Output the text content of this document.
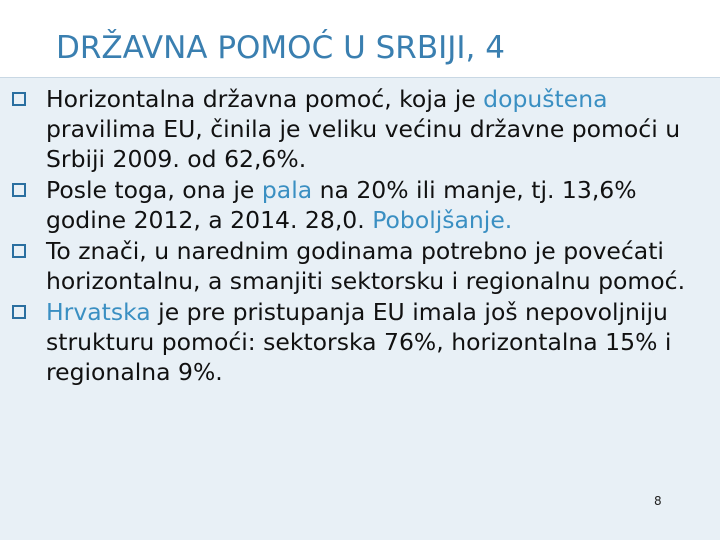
DRŽAVNA POMOĆ U SRBIJI, 4
Horizontalna državna pomoć, koja je dopuštena pravilima EU, činila je veliku većinu državne pomoći u Srbiji 2009. od 62,6%.
Posle toga, ona je pala na 20% ili manje, tj. 13,6% godine 2012, a 2014. 28,0. Poboljšanje.
To znači, u narednim godinama potrebno je povećati horizontalnu, a smanjiti sektorsku i regionalnu pomoć.
Hrvatska je pre pristupanja EU imala još nepovoljniju strukturu pomoći: sektorska 76%, horizontalna 15% i regionalna 9%.
8
